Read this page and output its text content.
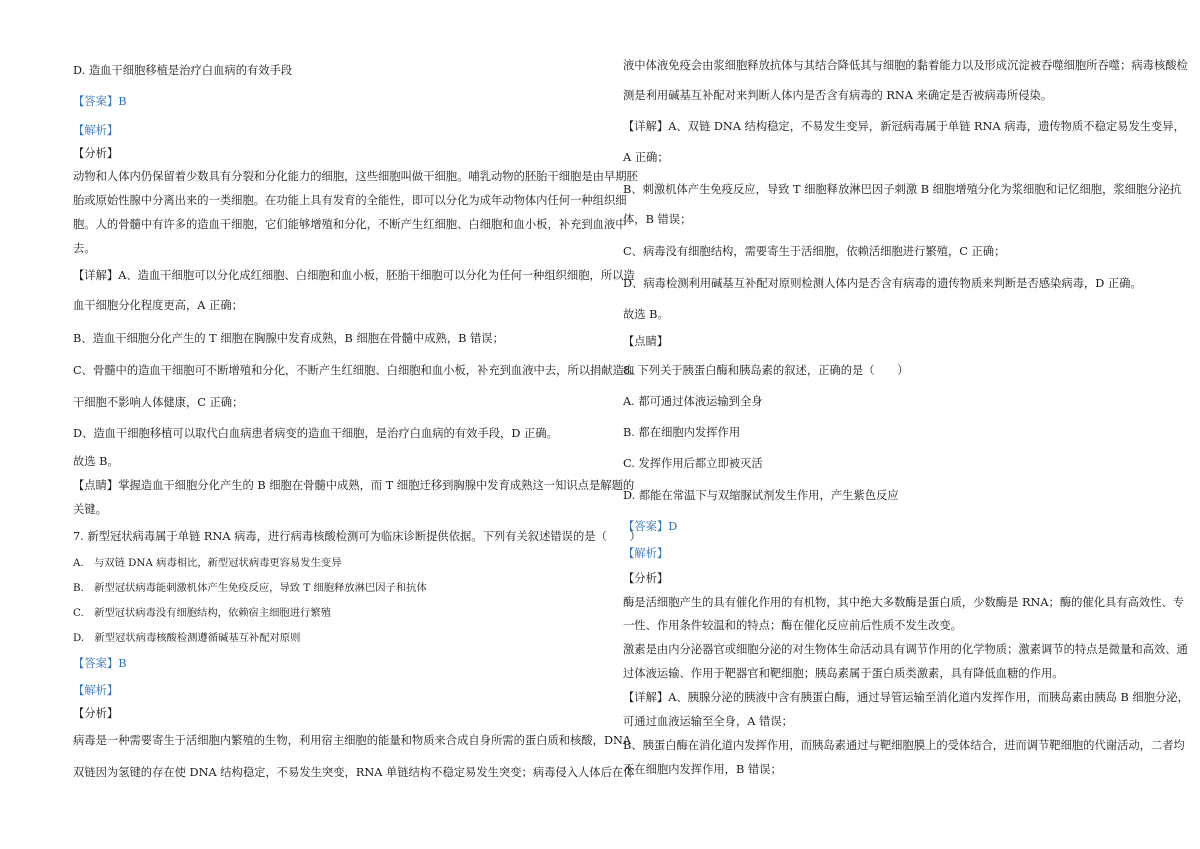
D. 造血干细胞移植是治疗白血病的有效手段
【答案】B
【解析】
【分析】
动物和人体内仍保留着少数具有分裂和分化能力的细胞，这些细胞叫做干细胞。哺乳动物的胚胎干细胞是由早期胚
胎或原始性腺中分离出来的一类细胞。在功能上具有发育的全能性，即可以分化为成年动物体内任何一种组织细
胞。人的骨髓中有许多的造血干细胞，它们能够增殖和分化，不断产生红细胞、白细胞和血小板，补充到血液中
去。
【详解】A、造血干细胞可以分化成红细胞、白细胞和血小板，胚胎干细胞可以分化为任何一种组织细胞，所以造
血干细胞分化程度更高，A 正确；
B、造血干细胞分化产生的 T 细胞在胸腺中发育成熟，B 细胞在骨髓中成熟，B 错误；
C、骨髓中的造血干细胞可不断增殖和分化，不断产生红细胞、白细胞和血小板，补充到血液中去，所以捐献造血
干细胞不影响人体健康，C 正确；
D、造血干细胞移植可以取代白血病患者病变的造血干细胞，是治疗白血病的有效手段，D 正确。
故选 B。
【点睛】掌握造血干细胞分化产生的 B 细胞在骨髓中成熟，而 T 细胞迁移到胸腺中发育成熟这一知识点是解题的
关键。
7. 新型冠状病毒属于单链 RNA 病毒，进行病毒核酸检测可为临床诊断提供依据。下列有关叙述错误的是（　　）
A.　与双链 DNA 病毒相比，新型冠状病毒更容易发生变异
B.　新型冠状病毒能刺激机体产生免疫反应，导致 T 细胞释放淋巴因子和抗体
C.　新型冠状病毒没有细胞结构，依赖宿主细胞进行繁殖
D.　新型冠状病毒核酸检测遵循碱基互补配对原则
【答案】B
【解析】
【分析】
病毒是一种需要寄生于活细胞内繁殖的生物，利用宿主细胞的能量和物质来合成自身所需的蛋白质和核酸，DNA
双链因为氢键的存在使 DNA 结构稳定，不易发生突变，RNA 单链结构不稳定易发生突变；病毒侵入人体后在体
液中体液免疫会由浆细胞释放抗体与其结合降低其与细胞的黏着能力以及形成沉淀被吞噬细胞所吞噬；病毒核酸检
测是利用碱基互补配对来判断人体内是否含有病毒的 RNA 来确定是否被病毒所侵染。
【详解】A、双链 DNA 结构稳定，不易发生变异，新冠病毒属于单链 RNA 病毒，遗传物质不稳定易发生变异，
A 正确；
B、刺激机体产生免疫反应，导致 T 细胞释放淋巴因子刺激 B 细胞增殖分化为浆细胞和记忆细胞，浆细胞分泌抗
体，B 错误；
C、病毒没有细胞结构，需要寄生于活细胞，依赖活细胞进行繁殖，C 正确；
D、病毒检测利用碱基互补配对原则检测人体内是否含有病毒的遗传物质来判断是否感染病毒，D 正确。
故选 B。
【点睛】
8. 下列关于胰蛋白酶和胰岛素的叙述，正确的是（　　）
A. 都可通过体液运输到全身
B. 都在细胞内发挥作用
C. 发挥作用后都立即被灭活
D. 都能在常温下与双缩脲试剂发生作用，产生紫色反应
【答案】D
【解析】
【分析】
酶是活细胞产生的具有催化作用的有机物，其中绝大多数酶是蛋白质，少数酶是 RNA；酶的催化具有高效性、专
一性、作用条件较温和的特点；酶在催化反应前后性质不发生改变。
激素是由内分泌器官或细胞分泌的对生物体生命活动具有调节作用的化学物质；激素调节的特点是微量和高效、通
过体液运输、作用于靶器官和靶细胞；胰岛素属于蛋白质类激素，具有降低血糖的作用。
【详解】A、胰腺分泌的胰液中含有胰蛋白酶，通过导管运输至消化道内发挥作用，而胰岛素由胰岛 B 细胞分泌，
可通过血液运输至全身，A 错误；
B、胰蛋白酶在消化道内发挥作用，而胰岛素通过与靶细胞膜上的受体结合，进而调节靶细胞的代谢活动，二者均
不在细胞内发挥作用，B 错误；
